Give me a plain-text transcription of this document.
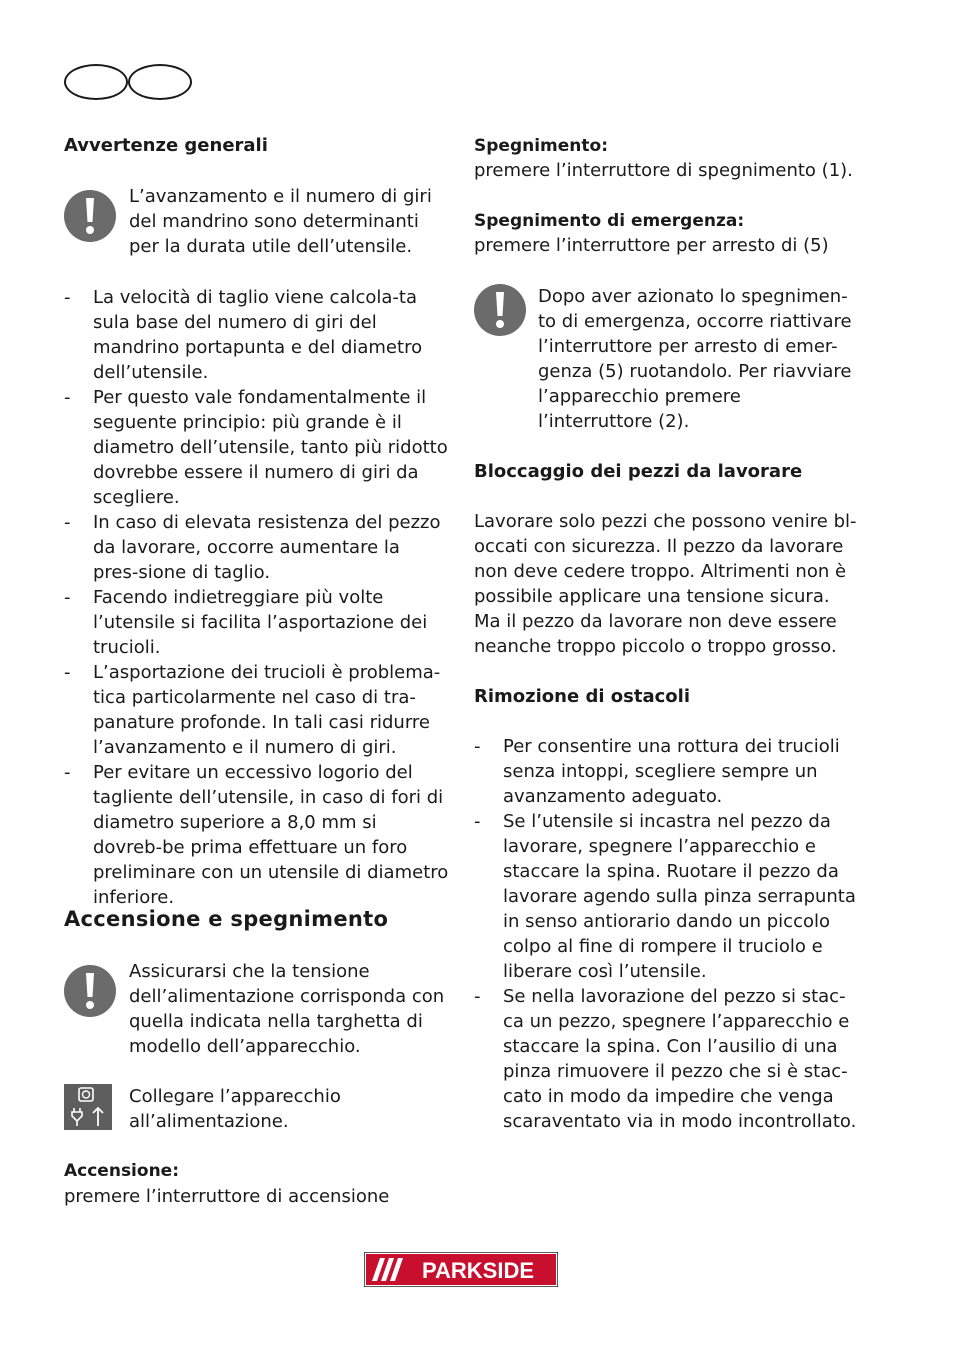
Avvertenze generali
L’avanzamento e il numero di giri del mandrino sono determinanti per la durata utile dell’utensile.
- La velocità di taglio viene calcola-ta sula base del numero di giri del mandrino portapunta e del diametro dell’utensile.
- Per questo vale fondamentalmente il seguente principio: più grande è il diametro dell’utensile, tanto più ridotto dovrebbe essere il numero di giri da scegliere.
- In caso di elevata resistenza del pezzo da lavorare, occorre aumentare la pres-sione di taglio.
- Facendo indietreggiare più volte l’utensile si facilita l’asportazione dei trucioli.
- L’asportazione dei trucioli è problema-tica particolarmente nel caso di tra-panature profonde. In tali casi ridurre l’avanzamento e il numero di giri.
- Per evitare un eccessivo logorio del tagliente dell’utensile, in caso di fori di diametro superiore a 8,0 mm si dovreb-be prima effettuare un foro preliminare con un utensile di diametro inferiore.
Accensione e spegnimento
Assicurarsi che la tensione dell’alimentazione corrisponda con quella indicata nella targhetta di modello dell’apparecchio.
Collegare l’apparecchio all’alimentazione.
Accensione:
premere l’interruttore di accensione
Spegnimento:
premere l’interruttore di spegnimento (1).
Spegnimento di emergenza:
premere l’interruttore per arresto di (5)
Dopo aver azionato lo spegnimen-to di emergenza, occorre riattivare l’interruttore per arresto di emer-genza (5) ruotandolo. Per riavviare l’apparecchio premere l’interruttore (2).
Bloccaggio dei pezzi da lavorare
Lavorare solo pezzi che possono venire bl-occati con sicurezza. Il pezzo da lavorare non deve cedere troppo. Altrimenti non è possibile applicare una tensione sicura. Ma il pezzo da lavorare non deve essere neanche troppo piccolo o troppo grosso.
Rimozione di ostacoli
- Per consentire una rottura dei trucioli senza intoppi, scegliere sempre un avanzamento adeguato.
- Se l’utensile si incastra nel pezzo da lavorare, spegnere l’apparecchio e staccare la spina. Ruotare il pezzo da lavorare agendo sulla pinza serrapunta in senso antiorario dando un piccolo colpo al fine di rompere il truciolo e liberare così l’utensile.
- Se nella lavorazione del pezzo si stac-ca un pezzo, spegnere l’apparecchio e staccare la spina. Con l’ausilio di una pinza rimuovere il pezzo che si è stac-cato in modo da impedire che venga scaraventato via in modo incontrollato.
PARKSIDE
